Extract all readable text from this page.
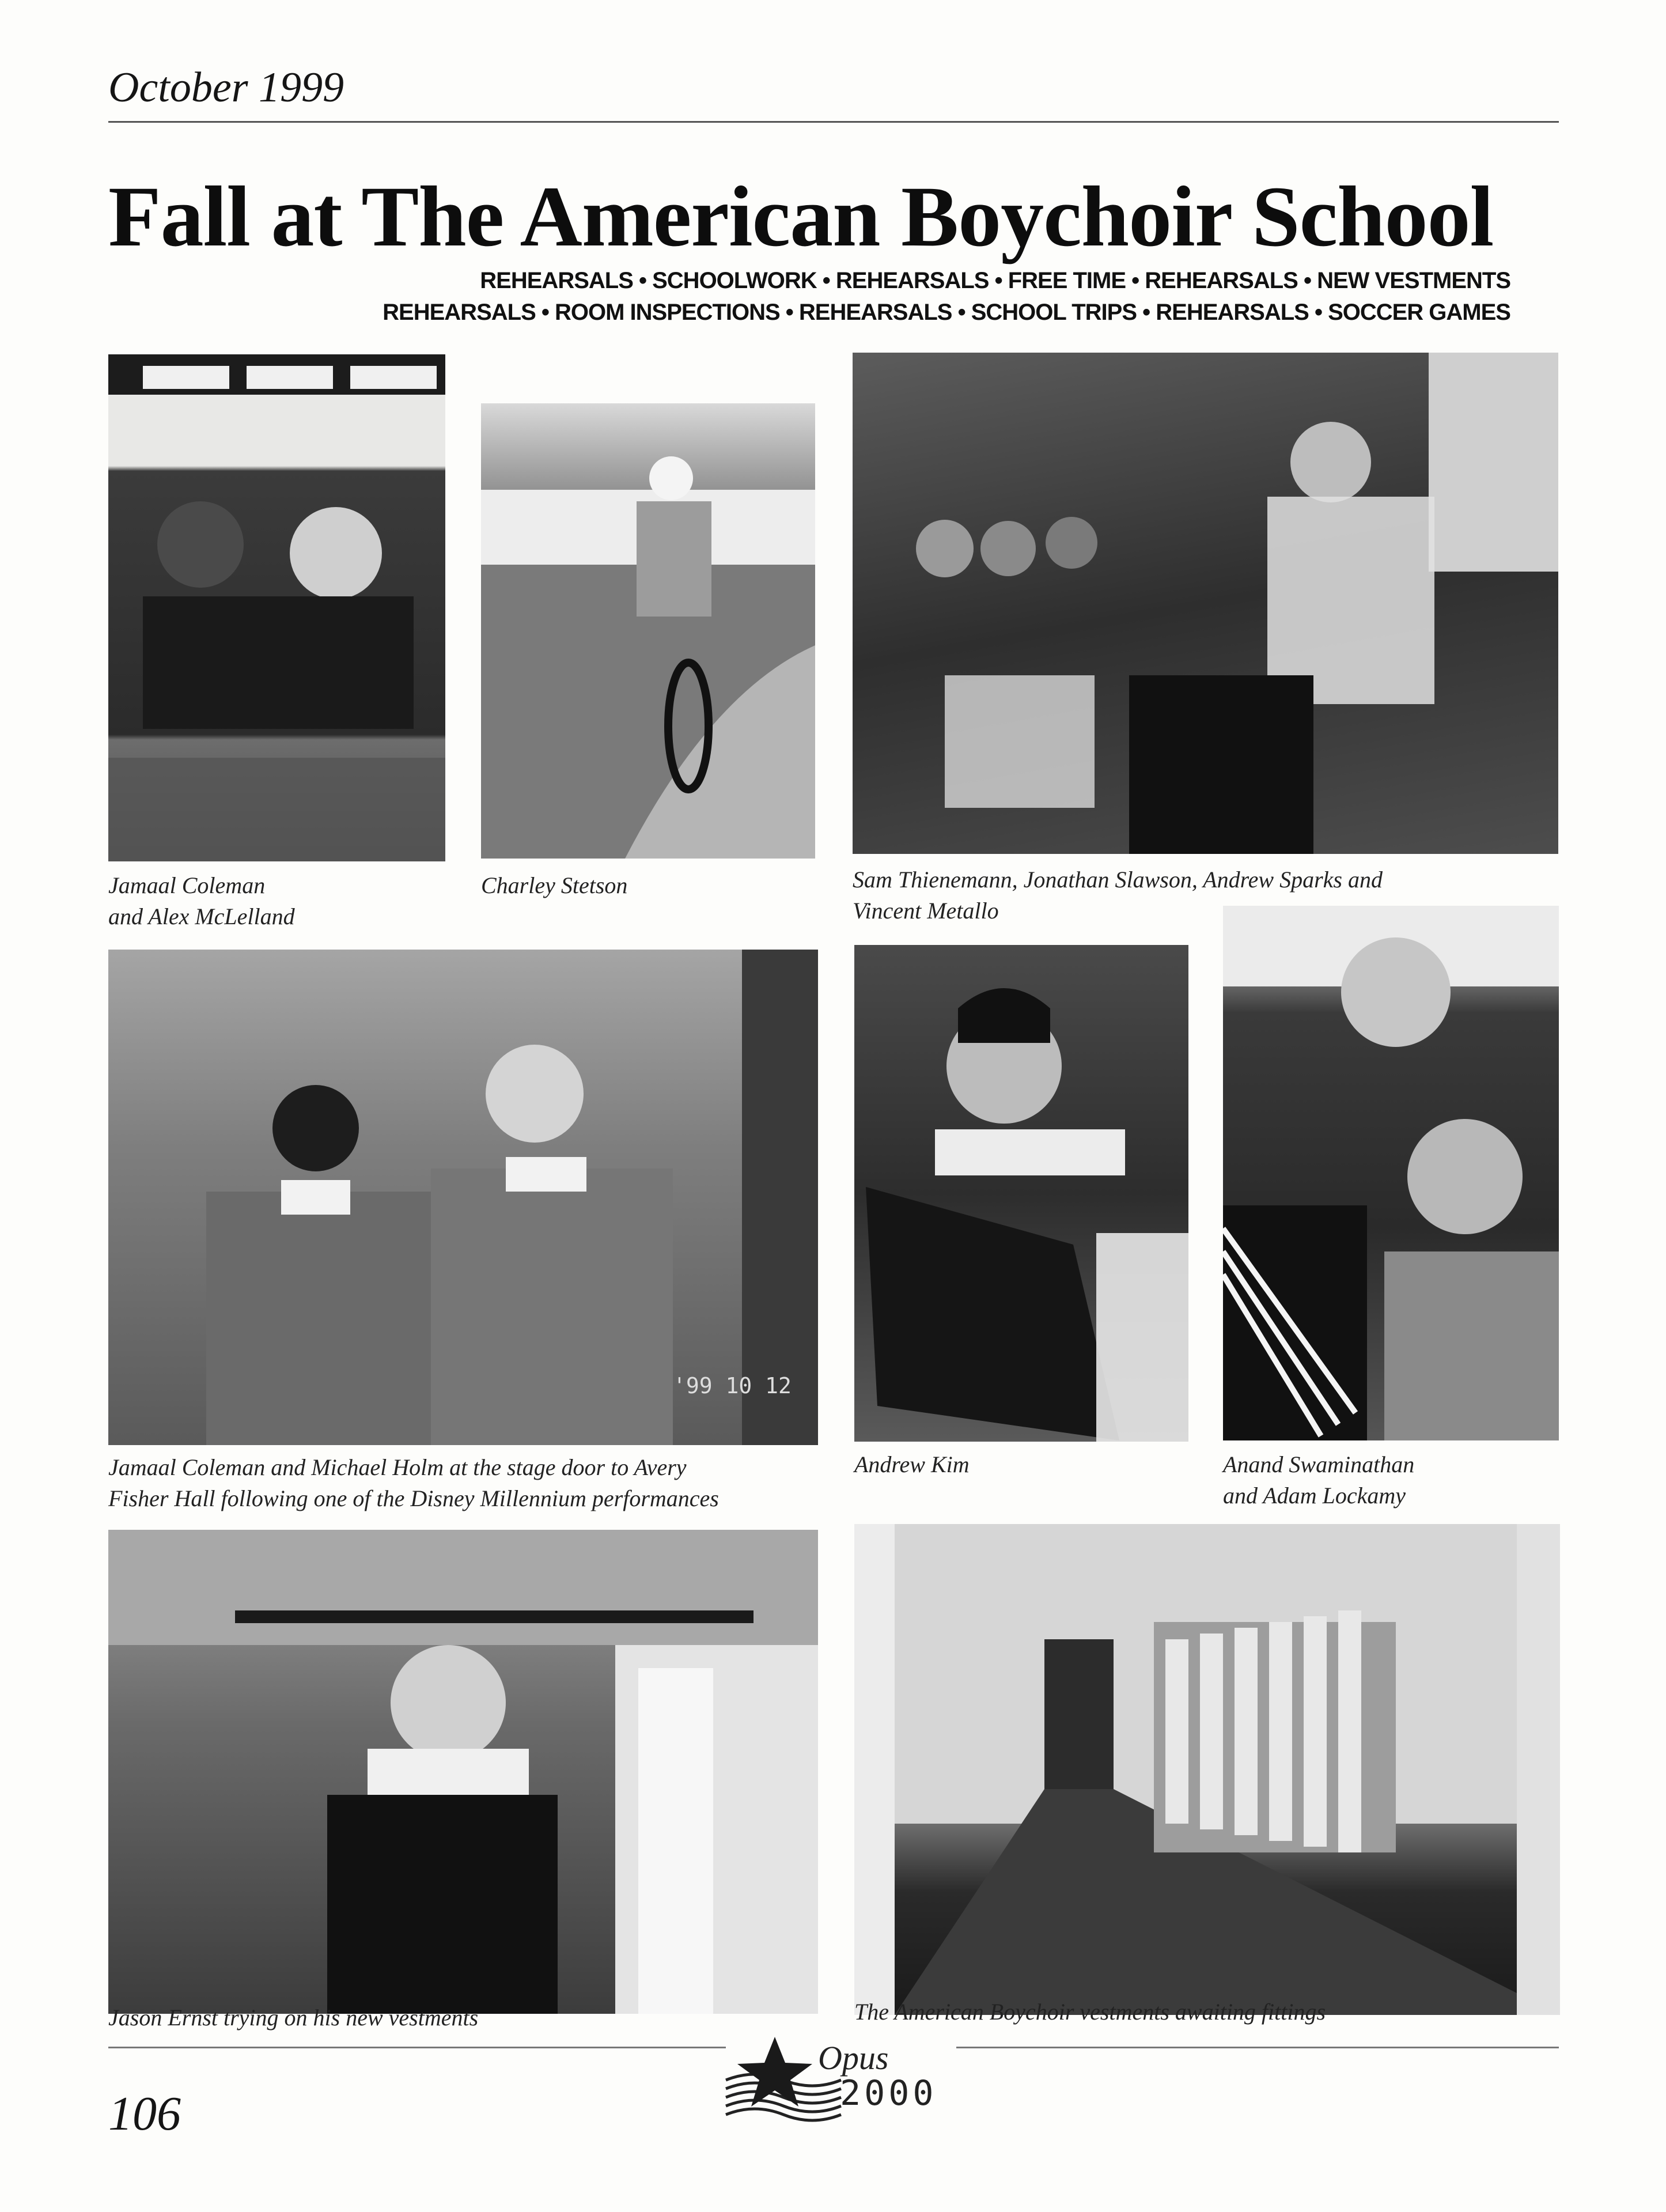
October 1999
Fall at The American Boychoir School
REHEARSALS • SCHOOLWORK • REHEARSALS • FREE TIME • REHEARSALS • NEW VESTMENTS
REHEARSALS • ROOM INSPECTIONS • REHEARSALS • SCHOOL TRIPS • REHEARSALS • SOCCER GAMES
Jamaal Coleman
and Alex McLelland
Charley Stetson	Sam Thienemann, Jonathan Slawson, Andrew Sparks and
Vincent Metallo
'99 10 12
Jamaal Coleman and Michael Holm at the stage door to Avery
Fisher Hall following one of the Disney Millennium performances
Andrew Kim	Anand Swaminathan
and Adam Lockamy
Jason Ernst trying on his new vestments	The American Boychoir vestments awaiting fittings
Opus
2000
106
